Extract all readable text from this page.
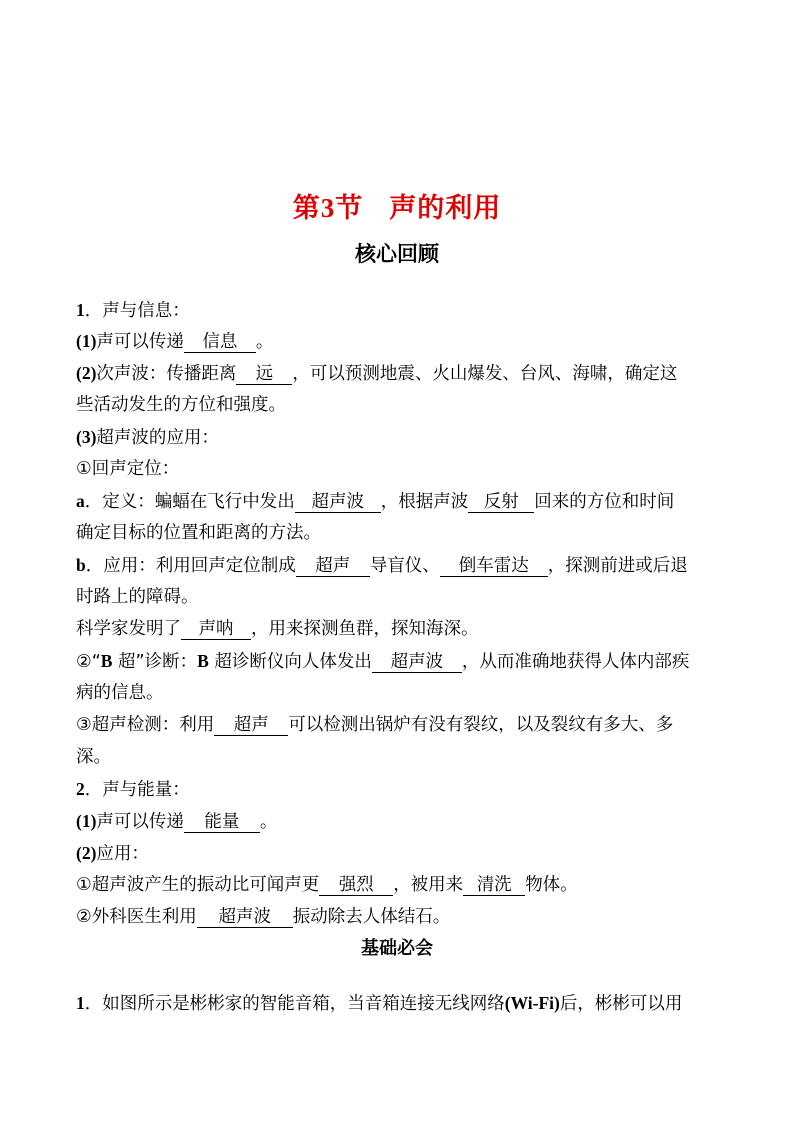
第3节 声的利用
核心回顾
1．声与信息：
(1)声可以传递 信息 。
(2)次声波：传播距离 远 ，可以预测地震、火山爆发、台风、海啸，确定这
些活动发生的方位和强度。
(3)超声波的应用：
①回声定位：
a．定义：蝙蝠在飞行中发出 超声波 ，根据声波 反射 回来的方位和时间
确定目标的位置和距离的方法。
b．应用：利用回声定位制成 超声 导盲仪、 倒车雷达 ，探测前进或后退
时路上的障碍。
科学家发明了 声呐 ，用来探测鱼群，探知海深。
②“B 超”诊断：B 超诊断仪向人体发出 超声波 ，从而准确地获得人体内部疾
病的信息。
③超声检测：利用 超声 可以检测出锅炉有没有裂纹，以及裂纹有多大、多
深。
2．声与能量：
(1)声可以传递 能量 。
(2)应用：
①超声波产生的振动比可闻声更 强烈 ，被用来 清洗 物体。
②外科医生利用 超声波 振动除去人体结石。
基础必会
1．如图所示是彬彬家的智能音箱，当音箱连接无线网络(Wi-Fi)后，彬彬可以用
